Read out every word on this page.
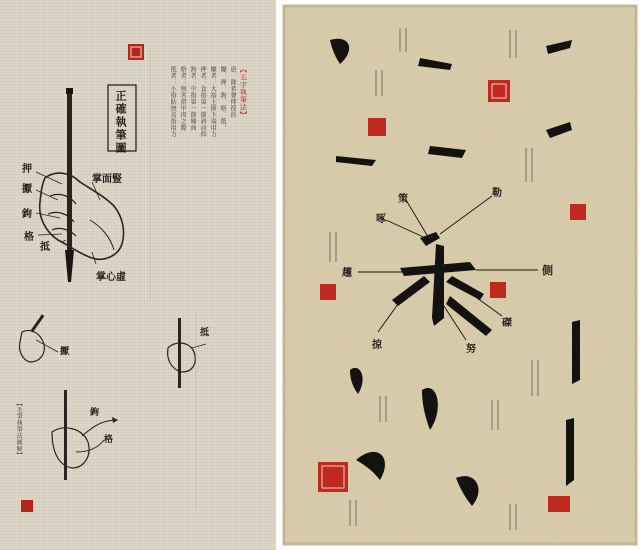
正確執筆圖
押
擫
鉤
格
抵
掌面豎
掌心虛
擫
抵
鉤
格
【五字執筆法】
唐．陸希聲傳授的
擫、押、鉤、格、抵，
擫者：大指上節下端用力
押者：食指第一節斜而仰
鉤者：中指第一節彎曲
格者：無名指甲肉之際
抵者：小指貼無名指用力
【毛筆執筆法圖解】
側
勒
努
趯
策
掠
啄
磔
